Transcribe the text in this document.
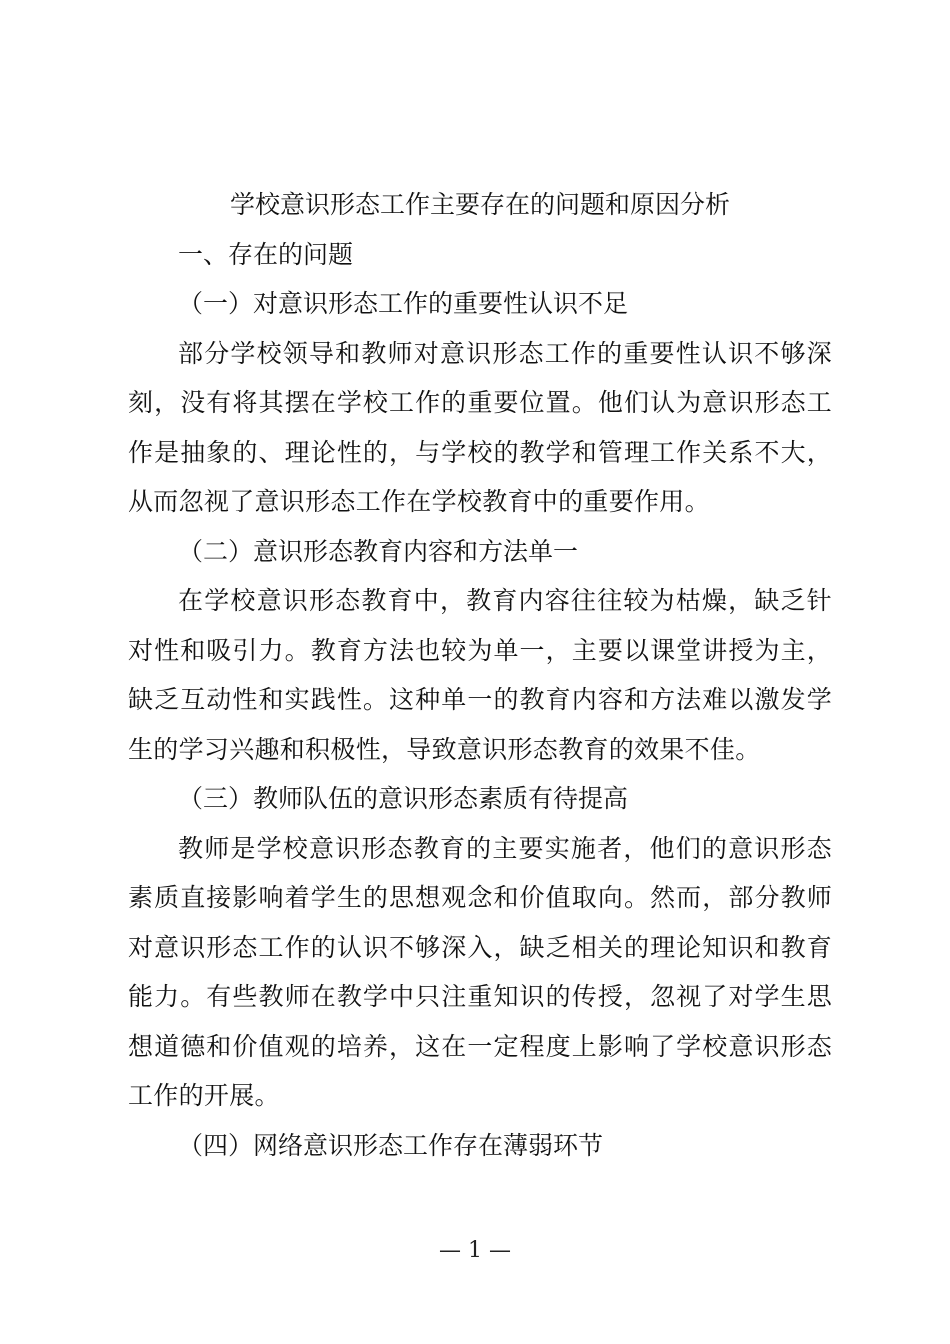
学校意识形态工作主要存在的问题和原因分析

一、存在的问题

（一）对意识形态工作的重要性认识不足

部分学校领导和教师对意识形态工作的重要性认识不够深刻，没有将其摆在学校工作的重要位置。他们认为意识形态工作是抽象的、理论性的，与学校的教学和管理工作关系不大，从而忽视了意识形态工作在学校教育中的重要作用。

（二）意识形态教育内容和方法单一

在学校意识形态教育中，教育内容往往较为枯燥，缺乏针对性和吸引力。教育方法也较为单一，主要以课堂讲授为主，缺乏互动性和实践性。这种单一的教育内容和方法难以激发学生的学习兴趣和积极性，导致意识形态教育的效果不佳。

（三）教师队伍的意识形态素质有待提高

教师是学校意识形态教育的主要实施者，他们的意识形态素质直接影响着学生的思想观念和价值取向。然而，部分教师对意识形态工作的认识不够深入，缺乏相关的理论知识和教育能力。有些教师在教学中只注重知识的传授，忽视了对学生思想道德和价值观的培养，这在一定程度上影响了学校意识形态工作的开展。

（四）网络意识形态工作存在薄弱环节

— 1 —
